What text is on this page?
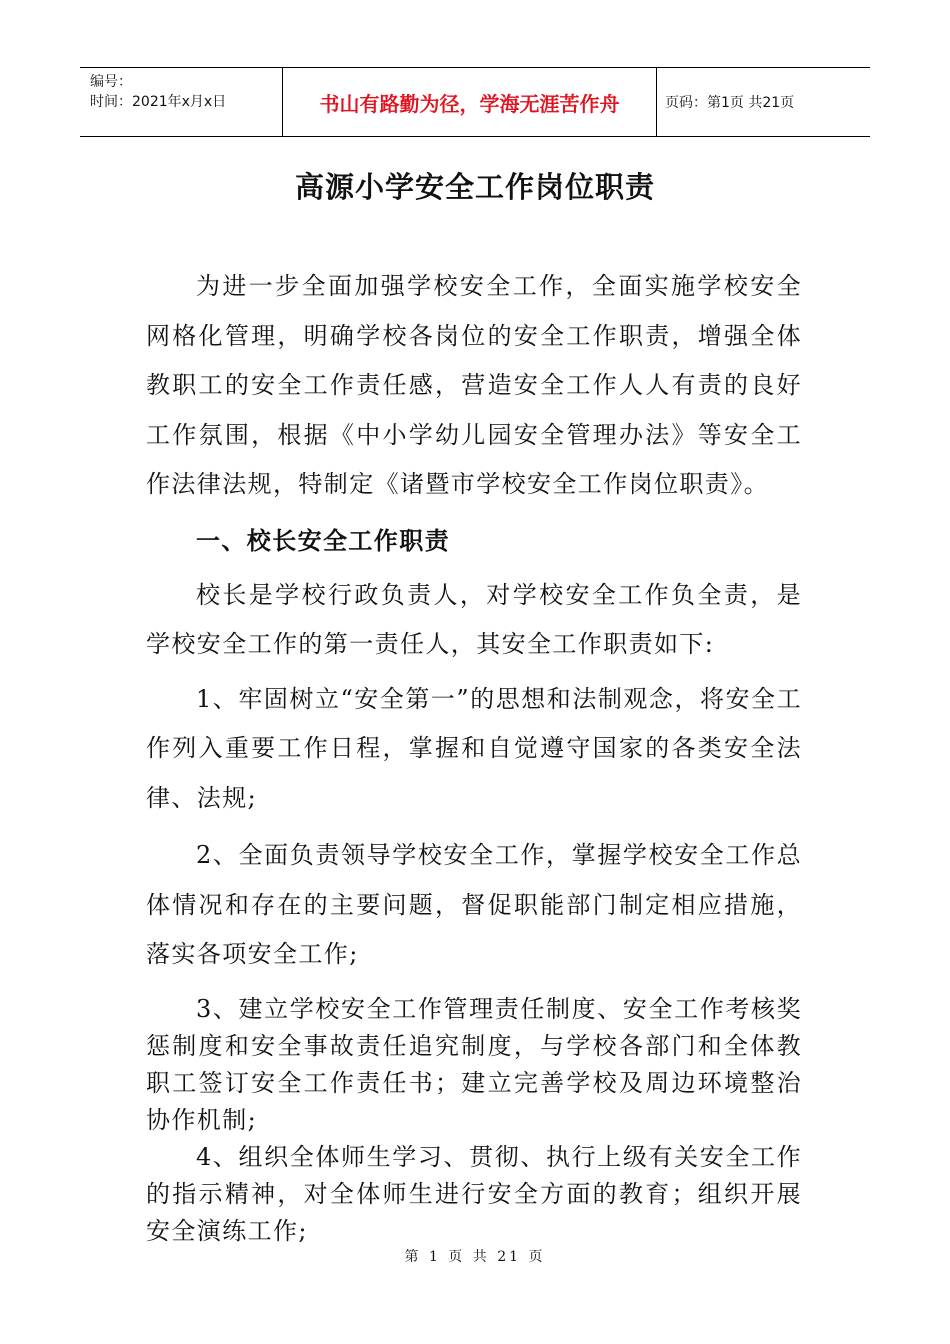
编号：
时间：2021年x月x日	书山有路勤为径，学海无涯苦作舟	页码：第1页 共21页
高源小学安全工作岗位职责

为进一步全面加强学校安全工作，全面实施学校安全网格化管理，明确学校各岗位的安全工作职责，增强全体教职工的安全工作责任感，营造安全工作人人有责的良好工作氛围，根据《中小学幼儿园安全管理办法》等安全工作法律法规，特制定《诸暨市学校安全工作岗位职责》。

一、校长安全工作职责

校长是学校行政负责人，对学校安全工作负全责，是学校安全工作的第一责任人，其安全工作职责如下:

1、牢固树立“安全第一”的思想和法制观念，将安全工作列入重要工作日程，掌握和自觉遵守国家的各类安全法律、法规;

2、全面负责领导学校安全工作，掌握学校安全工作总体情况和存在的主要问题，督促职能部门制定相应措施，落实各项安全工作;

3、建立学校安全工作管理责任制度、安全工作考核奖惩制度和安全事故责任追究制度，与学校各部门和全体教职工签订安全工作责任书；建立完善学校及周边环境整治协作机制;

4、组织全体师生学习、贯彻、执行上级有关安全工作的指示精神，对全体师生进行安全方面的教育；组织开展安全演练工作;

第 1 页 共 21 页
